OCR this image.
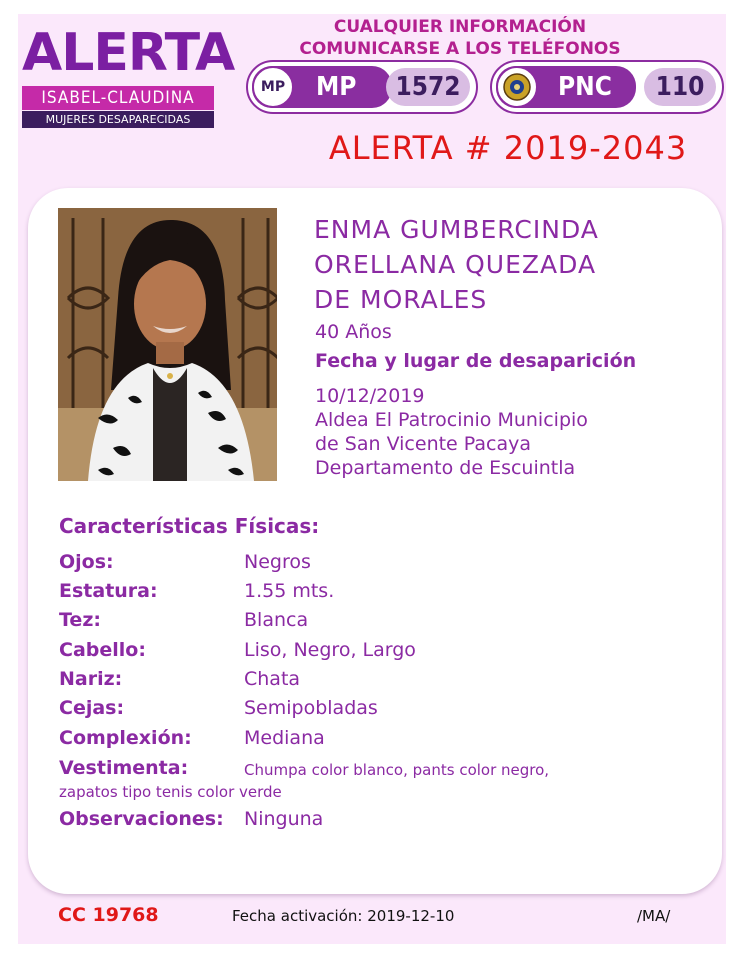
ALERTA
ISABEL-CLAUDINA
MUJERES DESAPARECIDAS
CUALQUIER INFORMACIÓN
COMUNICARSE A LOS TELÉFONOS
MP	MP	1572	PNC	110
ALERTA # 2019-2043
ENMA GUMBERCINDA
ORELLANA QUEZADA
DE MORALES
40 Años
Fecha y lugar de desaparición
10/12/2019
Aldea El Patrocinio Municipio
de San Vicente Pacaya
Departamento de Escuintla
Características Físicas:
Ojos:	Negros
Estatura:	1.55 mts.
Tez:	Blanca
Cabello:	Liso, Negro, Largo
Nariz:	Chata
Cejas:	Semipobladas
Complexión:	Mediana
Vestimenta:	Chumpa color blanco, pants color negro,
zapatos tipo tenis color verde
Observaciones: Ninguna
CC 19768	Fecha activación: 2019-12-10	/MA/
